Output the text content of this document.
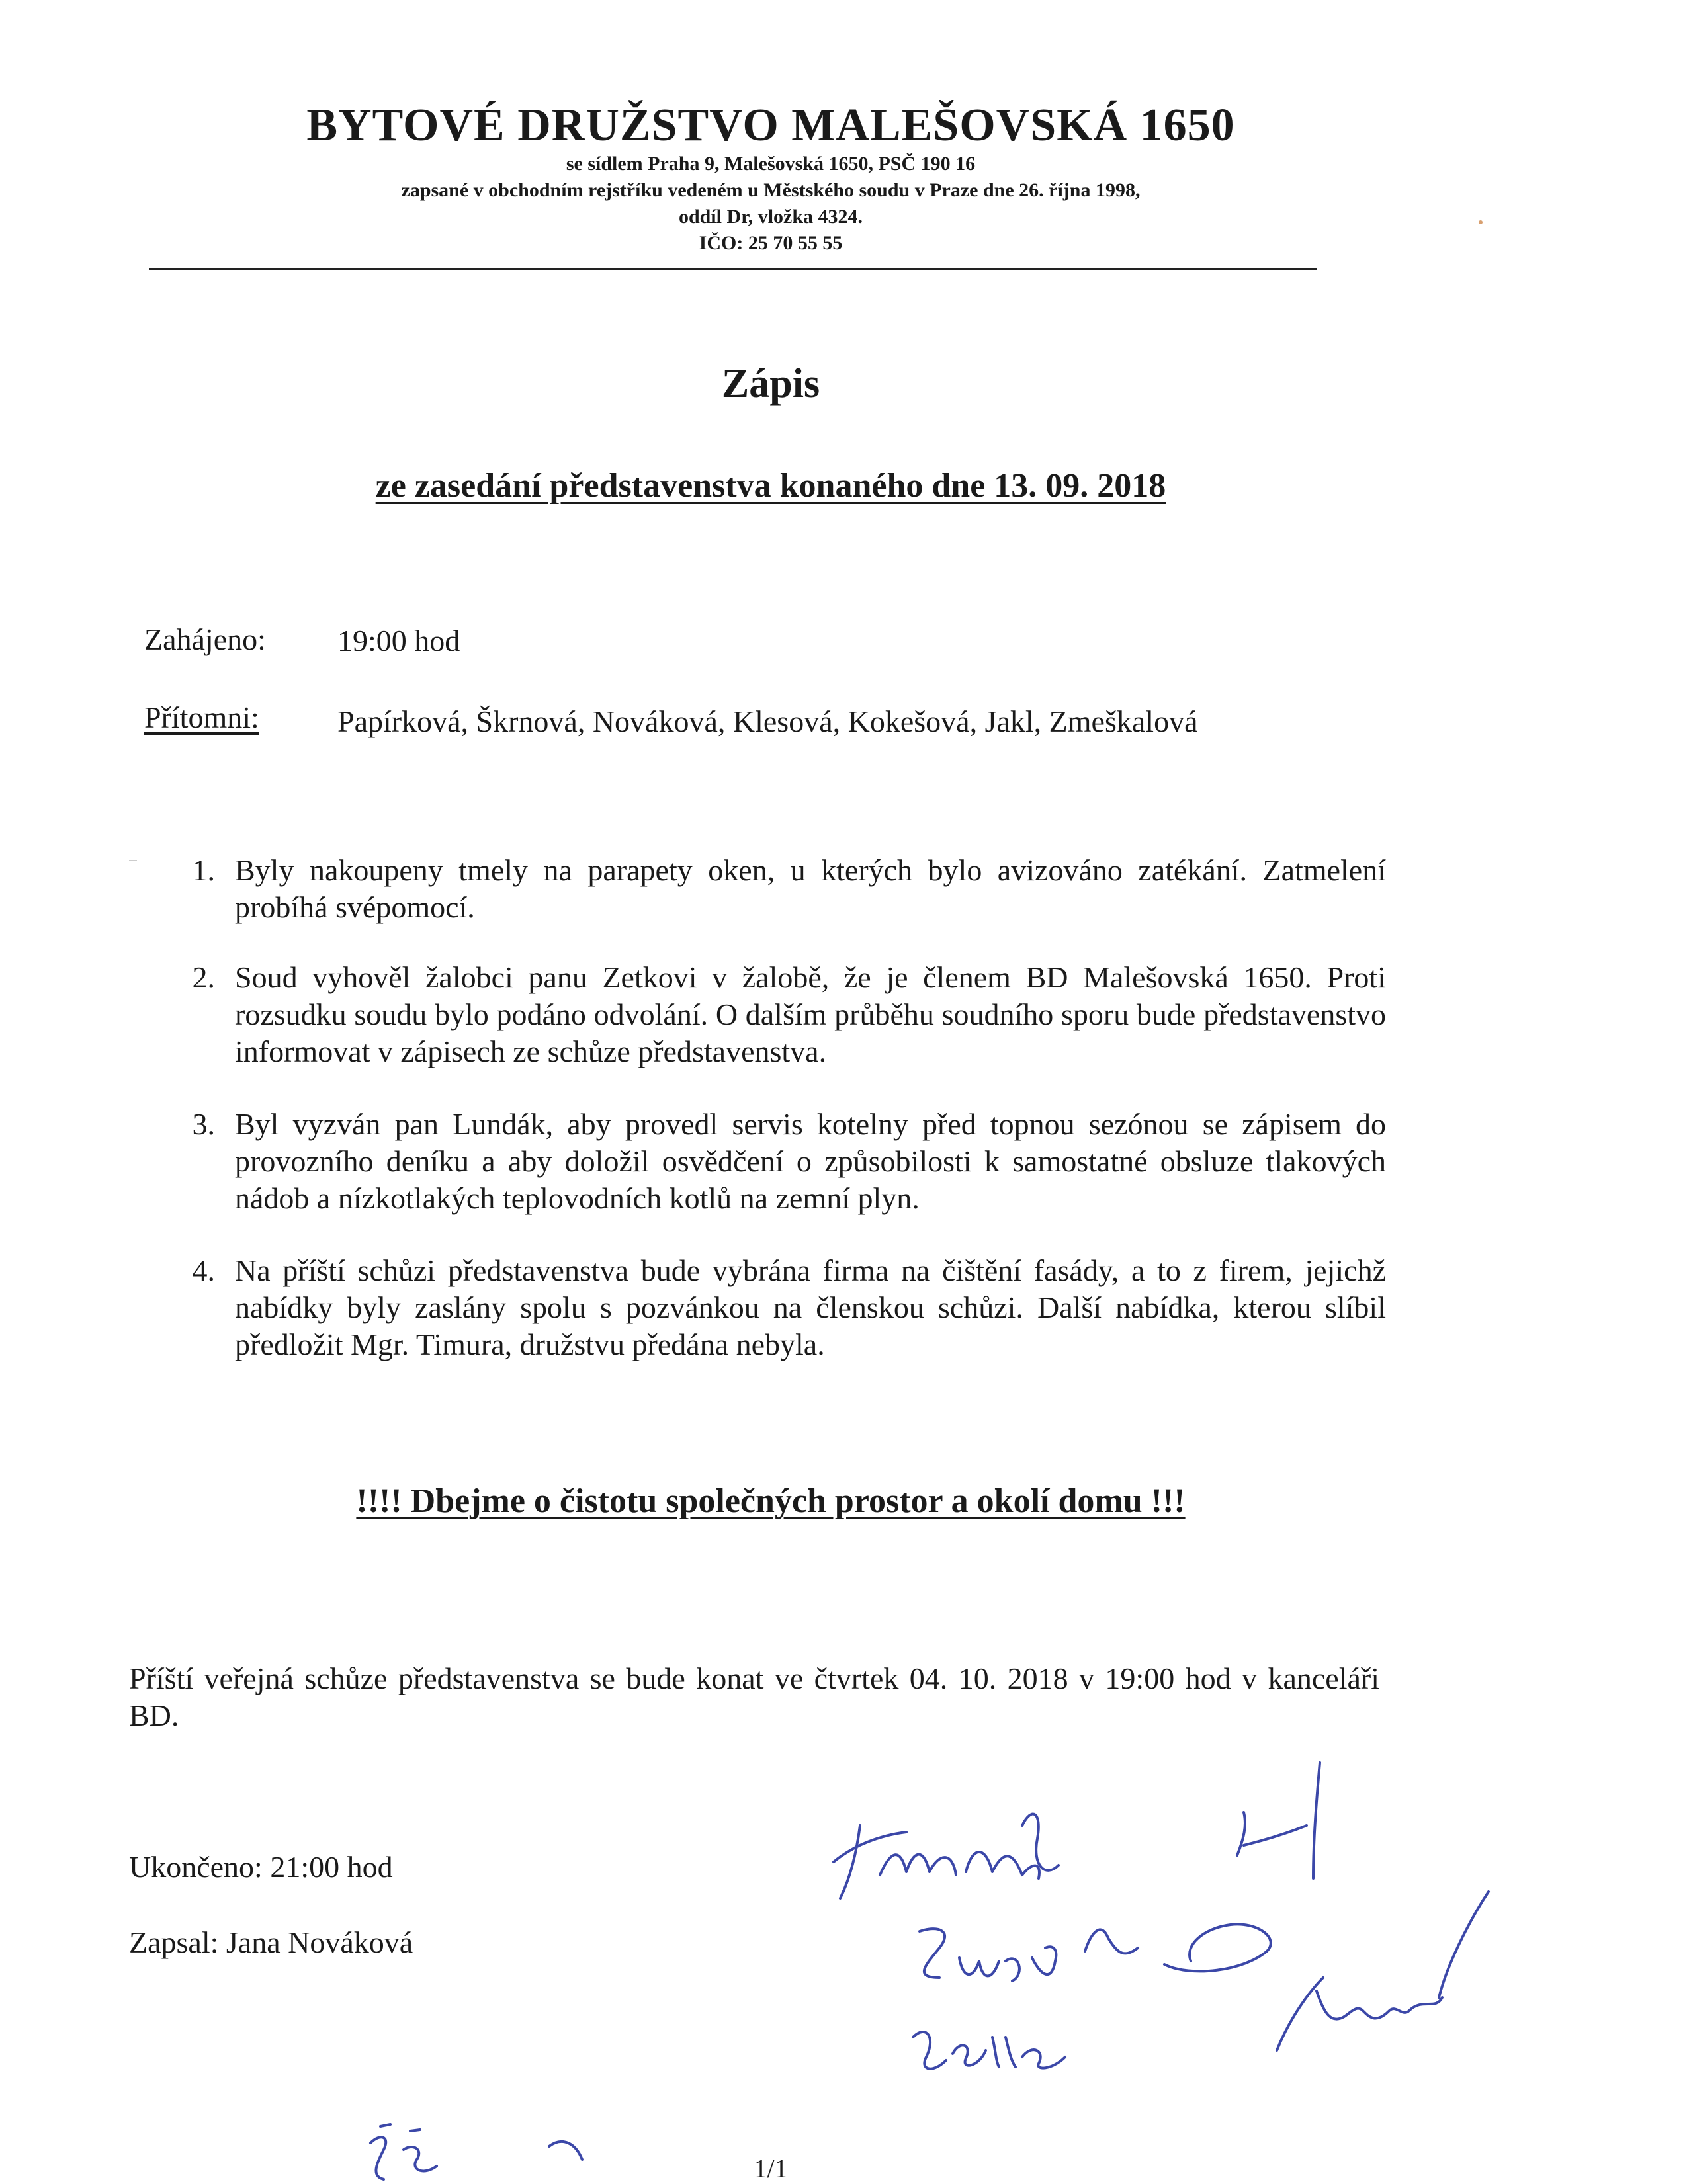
BYTOVÉ DRUŽSTVO MALEŠOVSKÁ 1650
se sídlem Praha 9, Malešovská 1650, PSČ 190 16
zapsané v obchodním rejstříku vedeném u Městského soudu v Praze dne 26. října 1998,
oddíl Dr, vložka 4324.
IČO: 25 70 55 55
Zápis
ze zasedání představenstva konaného dne 13. 09. 2018
Zahájeno: 19:00 hod
Přítomni:	Papírková, Škrnová, Nováková, Klesová, Kokešová, Jakl, Zmeškalová
1. Byly nakoupeny tmely na parapety oken, u kterých bylo avizováno zatékání. Zatmelení probíhá svépomocí.
2. Soud vyhověl žalobci panu Zetkovi v žalobě, že je členem BD Malešovská 1650. Proti rozsudku soudu bylo podáno odvolání. O dalším průběhu soudního sporu bude představenstvo informovat v zápisech ze schůze představenstva.
3. Byl vyzván pan Lundák, aby provedl servis kotelny před topnou sezónou se zápisem do provozního deníku a aby doložil osvědčení o způsobilosti k samostatné obsluze tlakových nádob a nízkotlakých teplovodních kotlů na zemní plyn.
4. Na příští schůzi představenstva bude vybrána firma na čištění fasády, a to z firem, jejichž nabídky byly zaslány spolu s pozvánkou na členskou schůzi. Další nabídka, kterou slíbil předložit Mgr. Timura, družstvu předána nebyla.
!!!! Dbejme o čistotu společných prostor a okolí domu !!!
Příští veřejná schůze představenstva se bude konat ve čtvrtek 04. 10. 2018 v 19:00 hod v kanceláři BD.
Ukončeno: 21:00 hod
Zapsal: Jana Nováková
1/1
